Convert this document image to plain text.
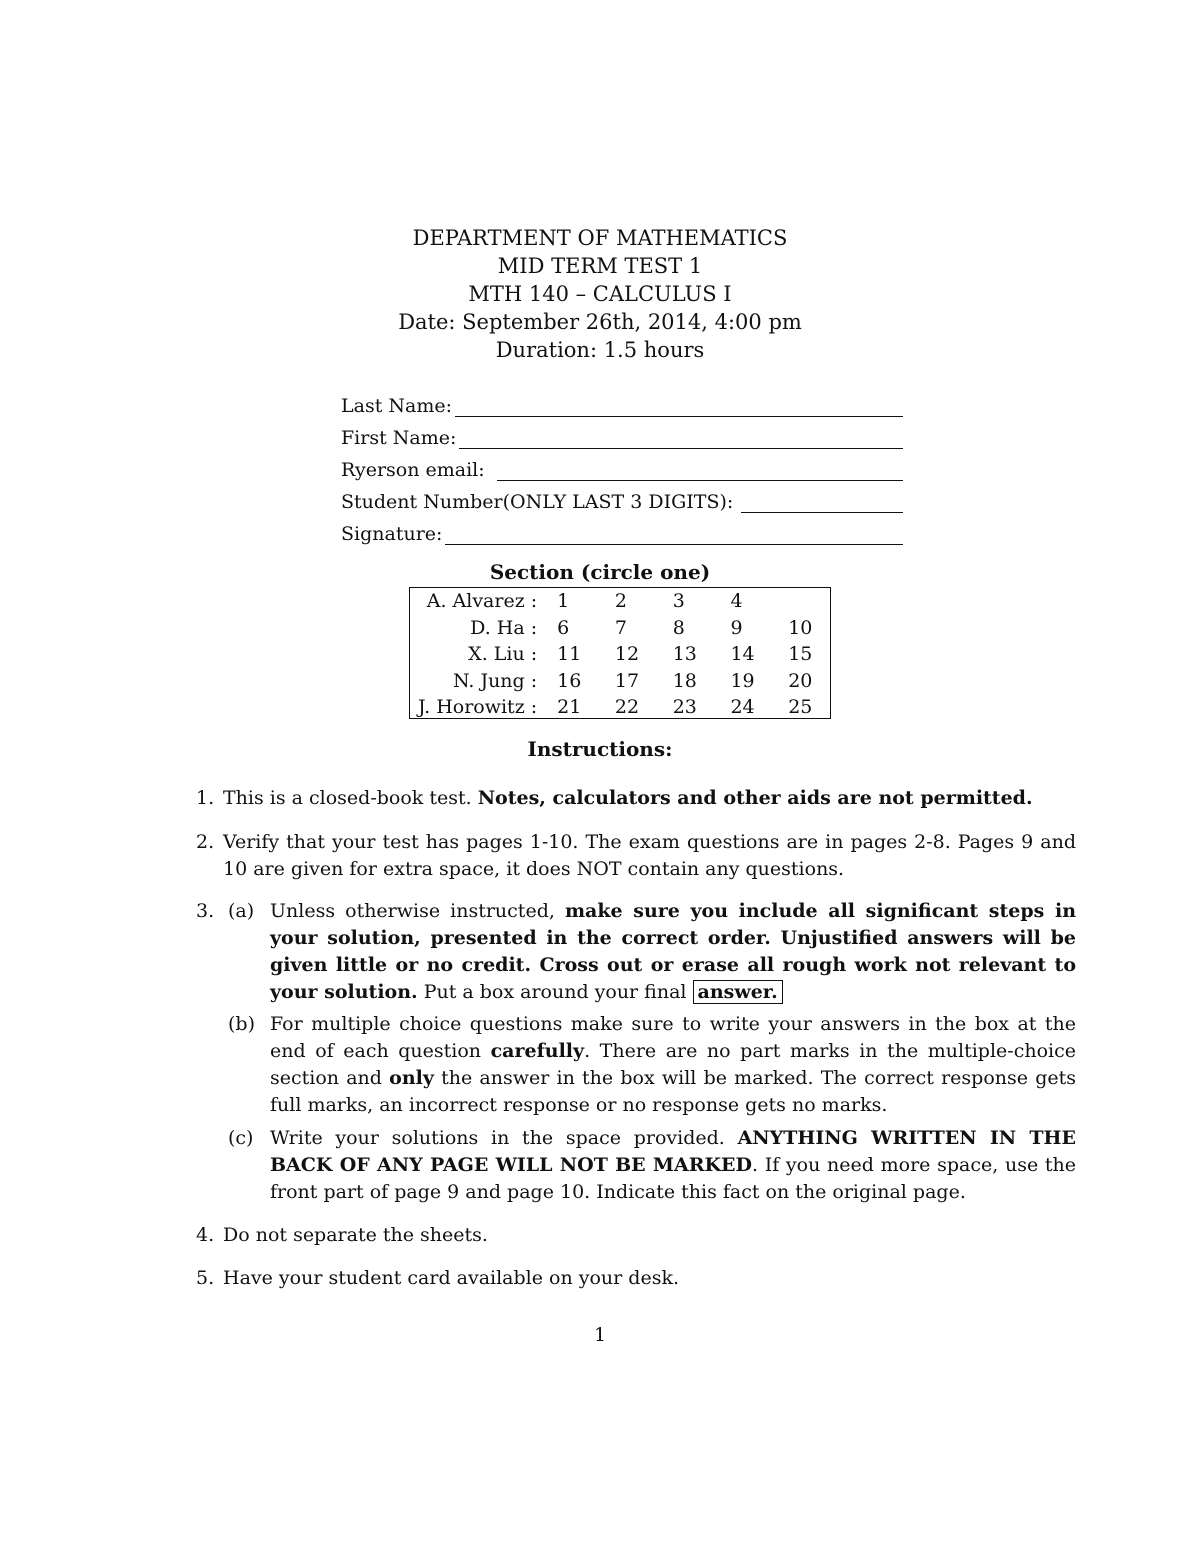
DEPARTMENT OF MATHEMATICS
MID TERM TEST 1
MTH 140 – CALCULUS I
Date: September 26th, 2014, 4:00 pm
Duration: 1.5 hours
Last Name:
First Name:
Ryerson email:
Student Number(ONLY LAST 3 DIGITS):
Signature:
Section (circle one)
A. Alvarez :	1	2	3	4
D. Ha :	6	7	8	9	10
X. Liu :	11	12	13	14	15
N. Jung :	16	17	18	19	20
J. Horowitz :	21	22	23	24	25
Instructions:
1. This is a closed-book test. Notes, calculators and other aids are not permitted.
2. Verify that your test has pages 1-10. The exam questions are in pages 2-8. Pages 9 and 10 are given for extra space, it does NOT contain any questions.
3. (a) Unless otherwise instructed, make sure you include all significant steps in your solution, presented in the correct order. Unjustified answers will be given little or no credit. Cross out or erase all rough work not relevant to your solution. Put a box around your final answer.
(b) For multiple choice questions make sure to write your answers in the box at the end of each question carefully. There are no part marks in the multiple-choice section and only the answer in the box will be marked. The correct response gets full marks, an incorrect response or no response gets no marks.
(c) Write your solutions in the space provided. ANYTHING WRITTEN IN THE BACK OF ANY PAGE WILL NOT BE MARKED. If you need more space, use the front part of page 9 and page 10. Indicate this fact on the original page.
4. Do not separate the sheets.
5. Have your student card available on your desk.
1
